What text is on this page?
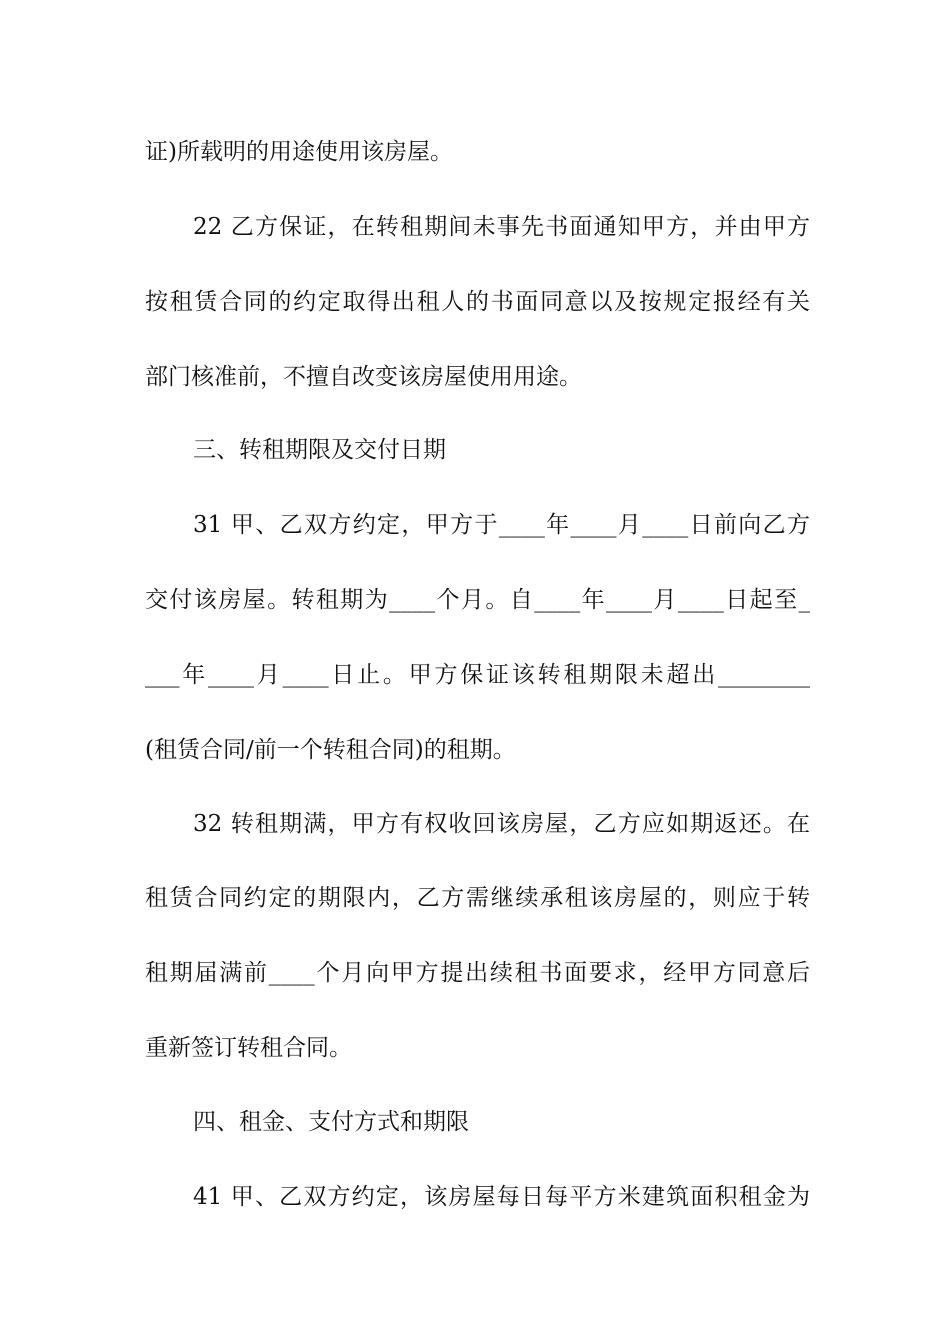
证)所载明的用途使用该房屋。
22 乙方保证，在转租期间未事先书面通知甲方，并由甲方
按租赁合同的约定取得出租人的书面同意以及按规定报经有关
部门核准前，不擅自改变该房屋使用用途。
三、转租期限及交付日期
31 甲、乙双方约定，甲方于____年____月____日前向乙方
交付该房屋。转租期为____个月。自____年____月____日起至_
___年____月____日止。甲方保证该转租期限未超出________
(租赁合同/前一个转租合同)的租期。
32 转租期满，甲方有权收回该房屋，乙方应如期返还。在
租赁合同约定的期限内，乙方需继续承租该房屋的，则应于转
租期届满前____个月向甲方提出续租书面要求，经甲方同意后
重新签订转租合同。
四、租金、支付方式和期限
41 甲、乙双方约定，该房屋每日每平方米建筑面积租金为
